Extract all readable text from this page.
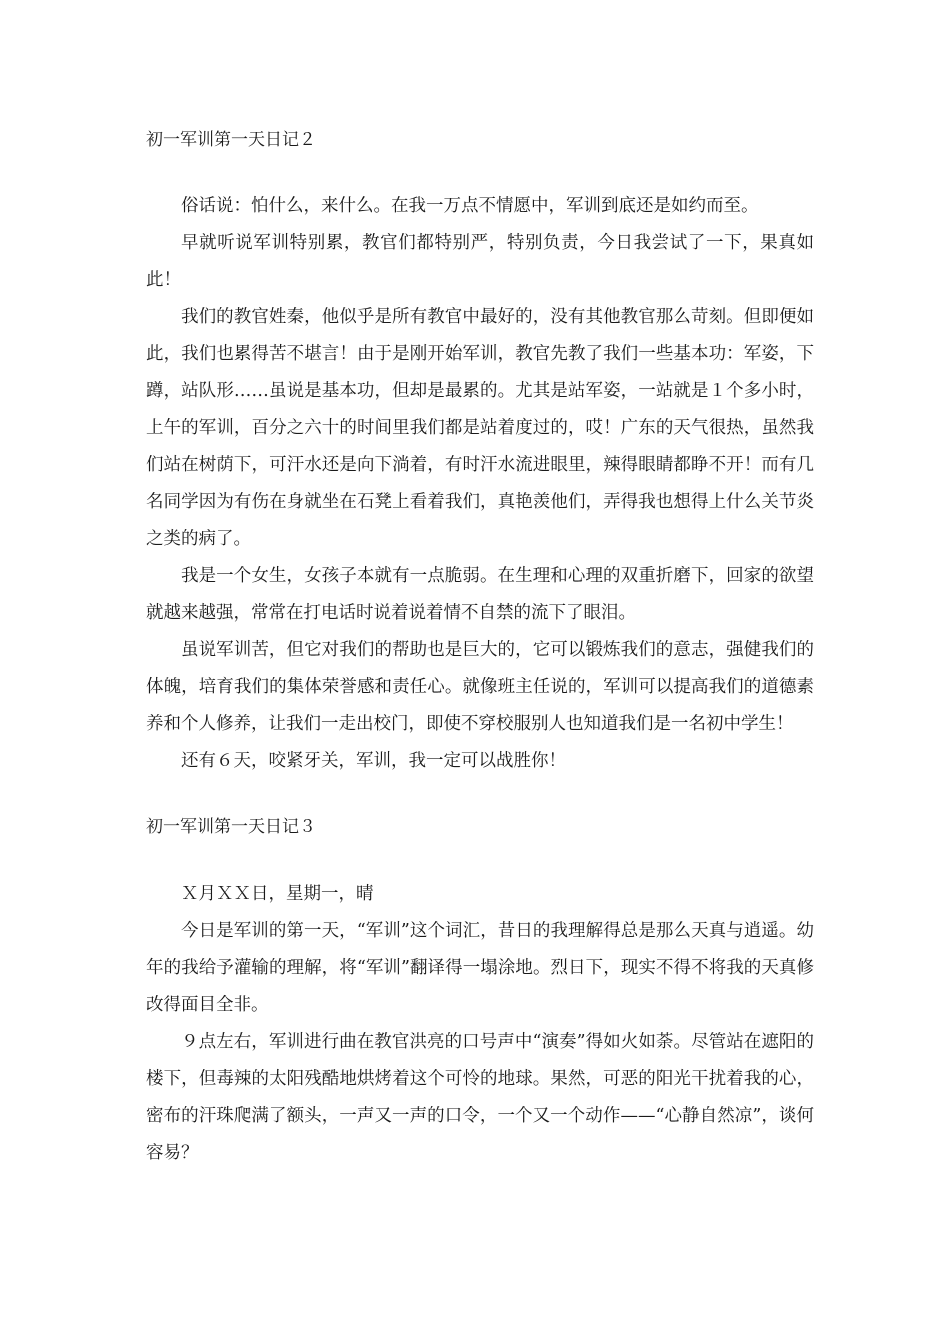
初一军训第一天日记２

俗话说：怕什么，来什么。在我一万点不情愿中，军训到底还是如约而至。

早就听说军训特别累，教官们都特别严，特别负责，今日我尝试了一下，果真如此！

我们的教官姓秦，他似乎是所有教官中最好的，没有其他教官那么苛刻。但即便如此，我们也累得苦不堪言！由于是刚开始军训，教官先教了我们一些基本功：军姿，下蹲，站队形……虽说是基本功，但却是最累的。尤其是站军姿，一站就是１个多小时，上午的军训，百分之六十的时间里我们都是站着度过的，哎！广东的天气很热，虽然我们站在树荫下，可汗水还是向下淌着，有时汗水流进眼里，辣得眼睛都睁不开！而有几名同学因为有伤在身就坐在石凳上看着我们，真艳羡他们，弄得我也想得上什么关节炎之类的病了。

我是一个女生，女孩子本就有一点脆弱。在生理和心理的双重折磨下，回家的欲望就越来越强，常常在打电话时说着说着情不自禁的流下了眼泪。

虽说军训苦，但它对我们的帮助也是巨大的，它可以锻炼我们的意志，强健我们的体魄，培育我们的集体荣誉感和责任心。就像班主任说的，军训可以提高我们的道德素养和个人修养，让我们一走出校门，即使不穿校服别人也知道我们是一名初中学生！

还有６天，咬紧牙关，军训，我一定可以战胜你！

初一军训第一天日记３

Ｘ月ＸＸ日，星期一，晴

今日是军训的第一天，“军训”这个词汇，昔日的我理解得总是那么天真与逍遥。幼年的我给予灌输的理解，将“军训”翻译得一塌涂地。烈日下，现实不得不将我的天真修改得面目全非。

９点左右，军训进行曲在教官洪亮的口号声中“演奏”得如火如荼。尽管站在遮阳的楼下，但毒辣的太阳残酷地烘烤着这个可怜的地球。果然，可恶的阳光干扰着我的心，密布的汗珠爬满了额头，一声又一声的口令，一个又一个动作——“心静自然凉”，谈何容易？
